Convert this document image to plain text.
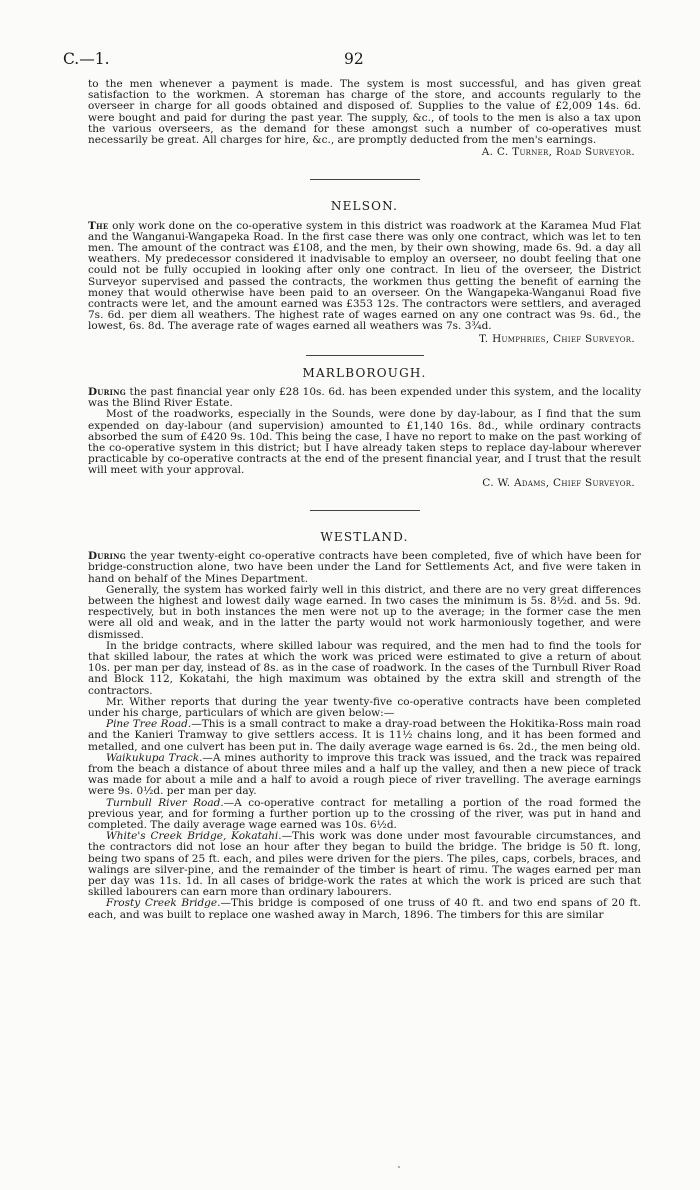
C.—1.	92

to the men whenever a payment is made. The system is most successful, and has given great satisfaction to the workmen. A storeman has charge of the store, and accounts regularly to the overseer in charge for all goods obtained and disposed of. Supplies to the value of £2,009 14s. 6d. were bought and paid for during the past year. The supply, &c., of tools to the men is also a tax upon the various overseers, as the demand for these amongst such a number of co-operatives must necessarily be great. All charges for hire, &c., are promptly deducted from the men's earnings.

A. C. Turner, Road Surveyor.

NELSON.

The only work done on the co-operative system in this district was roadwork at the Karamea Mud Flat and the Wanganui-Wangapeka Road. In the first case there was only one contract, which was let to ten men. The amount of the contract was £108, and the men, by their own showing, made 6s. 9d. a day all weathers. My predecessor considered it inadvisable to employ an overseer, no doubt feeling that one could not be fully occupied in looking after only one contract. In lieu of the overseer, the District Surveyor supervised and passed the contracts, the workmen thus getting the benefit of earning the money that would otherwise have been paid to an overseer. On the Wangapeka-Wanganui Road five contracts were let, and the amount earned was £353 12s. The contractors were settlers, and averaged 7s. 6d. per diem all weathers. The highest rate of wages earned on any one contract was 9s. 6d., the lowest, 6s. 8d. The average rate of wages earned all weathers was 7s. 3¾d.

T. Humphries, Chief Surveyor.

MARLBOROUGH.

During the past financial year only £28 10s. 6d. has been expended under this system, and the locality was the Blind River Estate.

Most of the roadworks, especially in the Sounds, were done by day-labour, as I find that the sum expended on day-labour (and supervision) amounted to £1,140 16s. 8d., while ordinary contracts absorbed the sum of £420 9s. 10d. This being the case, I have no report to make on the past working of the co-operative system in this district; but I have already taken steps to replace day-labour wherever practicable by co-operative contracts at the end of the present financial year, and I trust that the result will meet with your approval.

C. W. Adams, Chief Surveyor.

WESTLAND.

During the year twenty-eight co-operative contracts have been completed, five of which have been for bridge-construction alone, two have been under the Land for Settlements Act, and five were taken in hand on behalf of the Mines Department.

Generally, the system has worked fairly well in this district, and there are no very great differences between the highest and lowest daily wage earned. In two cases the minimum is 5s. 8½d. and 5s. 9d. respectively, but in both instances the men were not up to the average; in the former case the men were all old and weak, and in the latter the party would not work harmoniously together, and were dismissed.

In the bridge contracts, where skilled labour was required, and the men had to find the tools for that skilled labour, the rates at which the work was priced were estimated to give a return of about 10s. per man per day, instead of 8s. as in the case of roadwork. In the cases of the Turnbull River Road and Block 112, Kokatahi, the high maximum was obtained by the extra skill and strength of the contractors.

Mr. Wither reports that during the year twenty-five co-operative contracts have been completed under his charge, particulars of which are given below:—

Pine Tree Road.—This is a small contract to make a dray-road between the Hokitika-Ross main road and the Kanieri Tramway to give settlers access. It is 11½ chains long, and it has been formed and metalled, and one culvert has been put in. The daily average wage earned is 6s. 2d., the men being old.

Waikukupa Track.—A mines authority to improve this track was issued, and the track was repaired from the beach a distance of about three miles and a half up the valley, and then a new piece of track was made for about a mile and a half to avoid a rough piece of river travelling. The average earnings were 9s. 0½d. per man per day.

Turnbull River Road.—A co-operative contract for metalling a portion of the road formed the previous year, and for forming a further portion up to the crossing of the river, was put in hand and completed. The daily average wage earned was 10s. 6½d.

White's Creek Bridge, Kokatahi.—This work was done under most favourable circumstances, and the contractors did not lose an hour after they began to build the bridge. The bridge is 50 ft. long, being two spans of 25 ft. each, and piles were driven for the piers. The piles, caps, corbels, braces, and walings are silver-pine, and the remainder of the timber is heart of rimu. The wages earned per man per day was 11s. 1d. In all cases of bridge-work the rates at which the work is priced are such that skilled labourers can earn more than ordinary labourers.

Frosty Creek Bridge.—This bridge is composed of one truss of 40 ft. and two end spans of 20 ft. each, and was built to replace one washed away in March, 1896. The timbers for this are similar
